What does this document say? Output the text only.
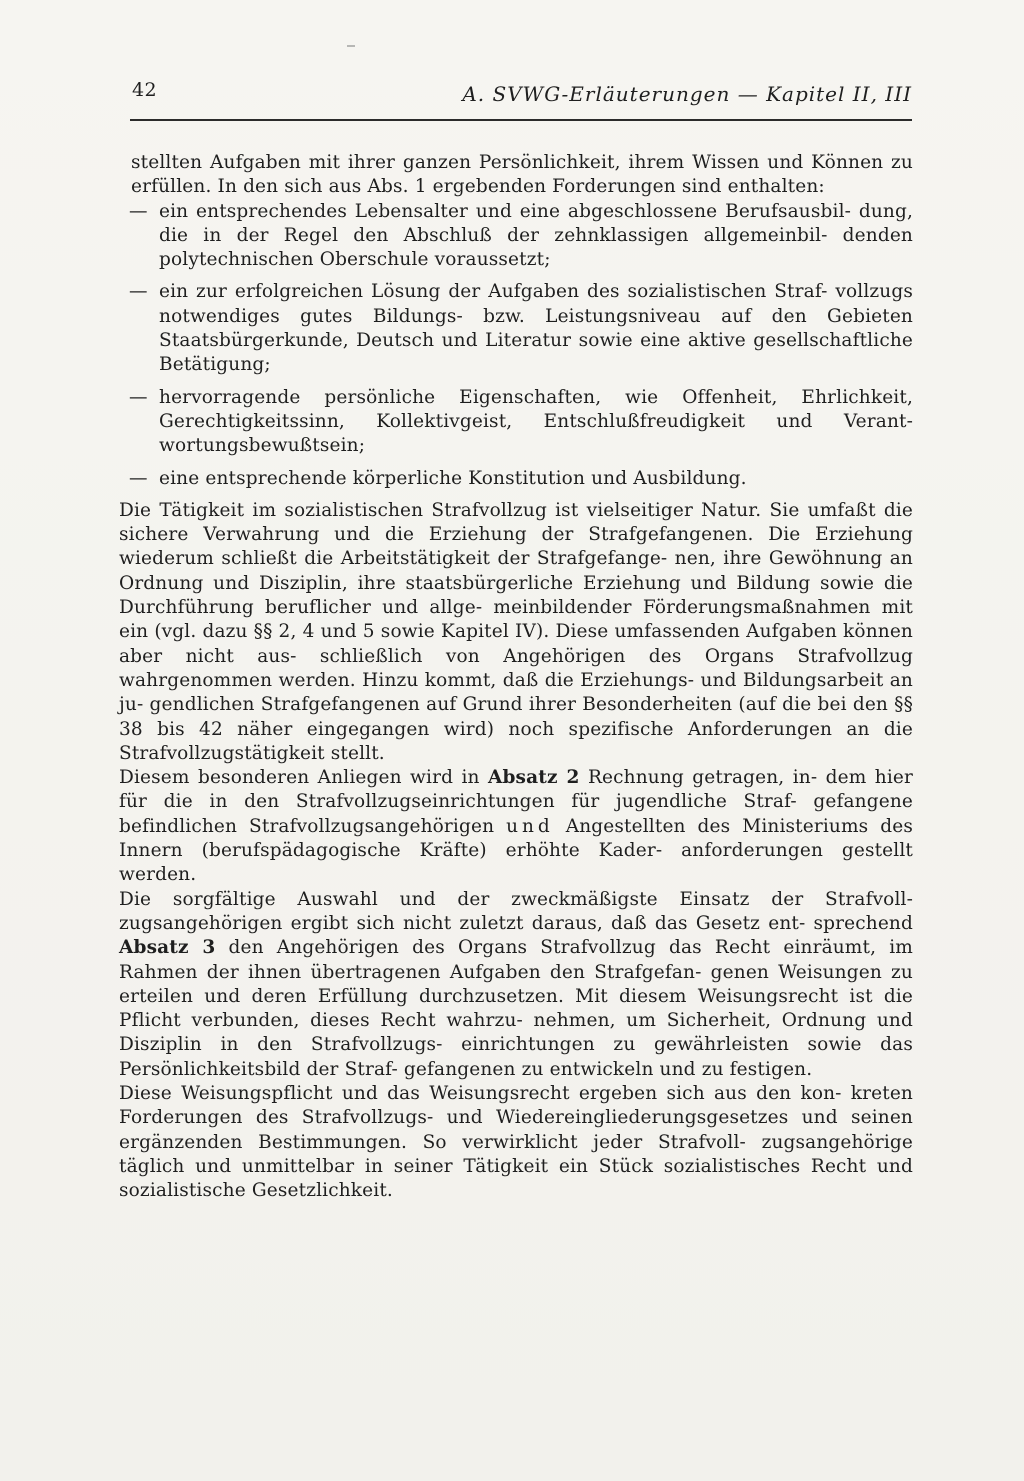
42	A. SVWG-Erläuterungen — Kapitel II, III

stellten Aufgaben mit ihrer ganzen Persönlichkeit, ihrem Wissen und Können zu erfüllen. In den sich aus Abs. 1 ergebenden Forderungen sind enthalten:

— ein entsprechendes Lebensalter und eine abgeschlossene Berufsausbil- dung, die in der Regel den Abschluß der zehnklassigen allgemeinbil- denden polytechnischen Oberschule voraussetzt;
— ein zur erfolgreichen Lösung der Aufgaben des sozialistischen Straf- vollzugs notwendiges gutes Bildungs- bzw. Leistungsniveau auf den Gebieten Staatsbürgerkunde, Deutsch und Literatur sowie eine aktive gesellschaftliche Betätigung;
— hervorragende persönliche Eigenschaften, wie Offenheit, Ehrlichkeit, Gerechtigkeitssinn, Kollektivgeist, Entschlußfreudigkeit und Verant- wortungsbewußtsein;
— eine entsprechende körperliche Konstitution und Ausbildung.

Die Tätigkeit im sozialistischen Strafvollzug ist vielseitiger Natur. Sie umfaßt die sichere Verwahrung und die Erziehung der Strafgefangenen. Die Erziehung wiederum schließt die Arbeitstätigkeit der Strafgefange- nen, ihre Gewöhnung an Ordnung und Disziplin, ihre staatsbürgerliche Erziehung und Bildung sowie die Durchführung beruflicher und allge- meinbildender Förderungsmaßnahmen mit ein (vgl. dazu §§ 2, 4 und 5 sowie Kapitel IV). Diese umfassenden Aufgaben können aber nicht aus- schließlich von Angehörigen des Organs Strafvollzug wahrgenommen werden. Hinzu kommt, daß die Erziehungs- und Bildungsarbeit an ju- gendlichen Strafgefangenen auf Grund ihrer Besonderheiten (auf die bei den §§ 38 bis 42 näher eingegangen wird) noch spezifische Anforderungen an die Strafvollzugstätigkeit stellt.

Diesem besonderen Anliegen wird in Absatz 2 Rechnung getragen, in- dem hier für die in den Strafvollzugseinrichtungen für jugendliche Straf- gefangene befindlichen Strafvollzugsangehörigen und Angestellten des Ministeriums des Innern (berufspädagogische Kräfte) erhöhte Kader- anforderungen gestellt werden.

Die sorgfältige Auswahl und der zweckmäßigste Einsatz der Strafvoll- zugsangehörigen ergibt sich nicht zuletzt daraus, daß das Gesetz ent- sprechend Absatz 3 den Angehörigen des Organs Strafvollzug das Recht einräumt, im Rahmen der ihnen übertragenen Aufgaben den Strafgefan- genen Weisungen zu erteilen und deren Erfüllung durchzusetzen. Mit diesem Weisungsrecht ist die Pflicht verbunden, dieses Recht wahrzu- nehmen, um Sicherheit, Ordnung und Disziplin in den Strafvollzugs- einrichtungen zu gewährleisten sowie das Persönlichkeitsbild der Straf- gefangenen zu entwickeln und zu festigen.

Diese Weisungspflicht und das Weisungsrecht ergeben sich aus den kon- kreten Forderungen des Strafvollzugs- und Wiedereingliederungsgesetzes und seinen ergänzenden Bestimmungen. So verwirklicht jeder Strafvoll- zugsangehörige täglich und unmittelbar in seiner Tätigkeit ein Stück sozialistisches Recht und sozialistische Gesetzlichkeit.
